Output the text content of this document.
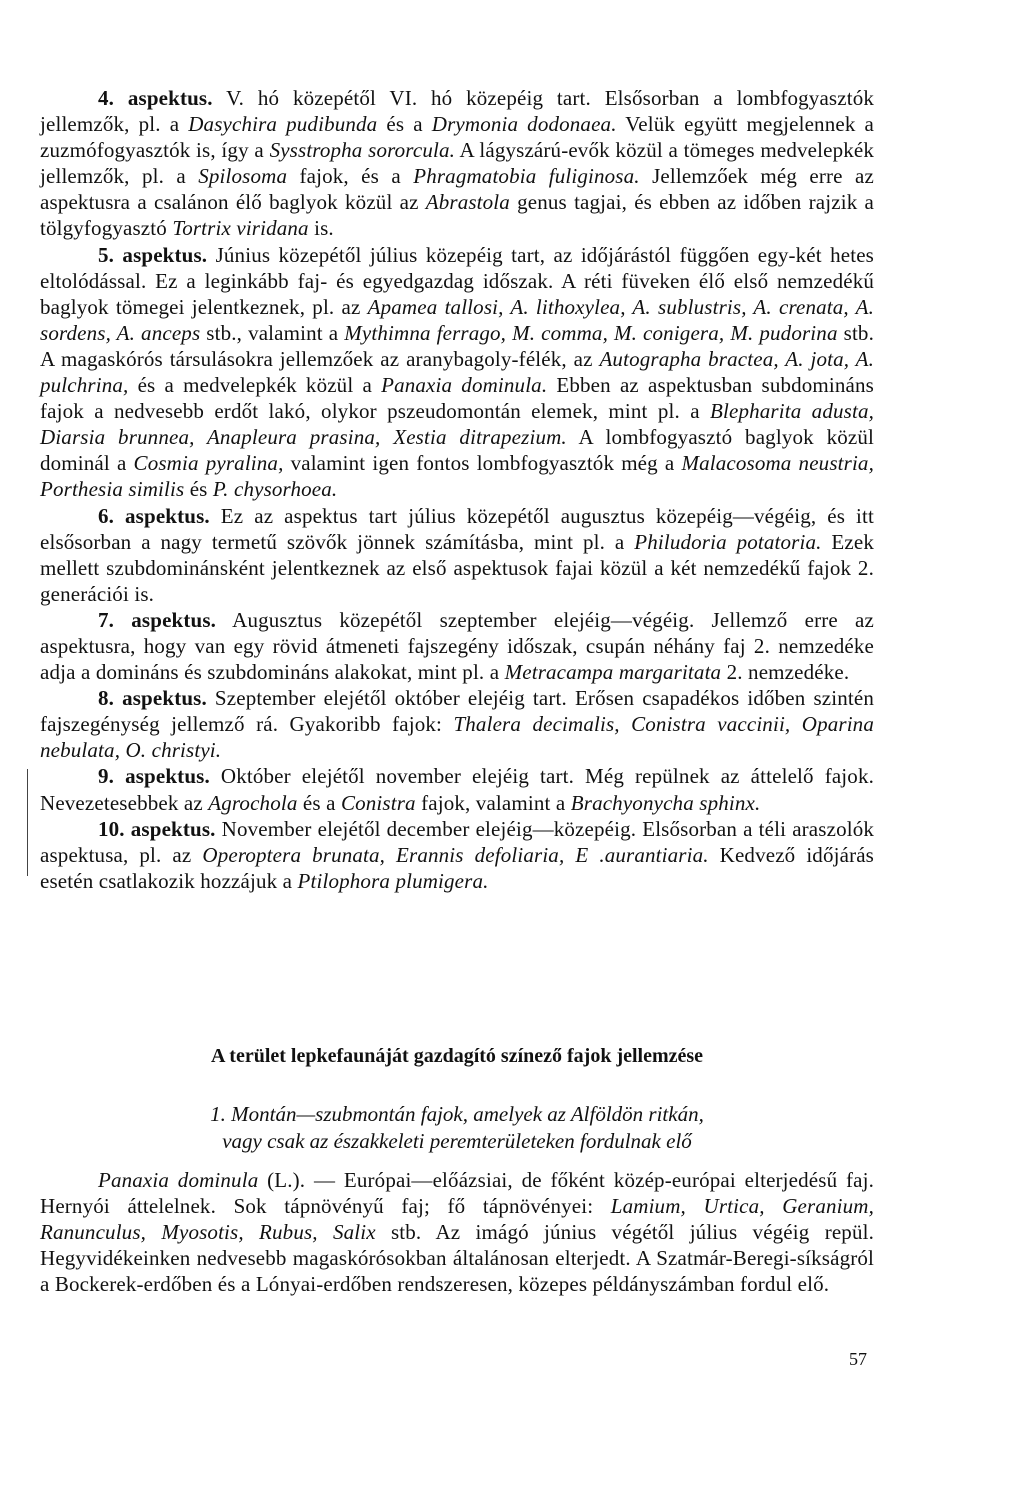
4. aspektus. V. hó közepétől VI. hó közepéig tart. Elsősorban a lombfogyasztók jellemzők, pl. a Dasychira pudibunda és a Drymonia dodonaea. Velük együtt megjelennek a zuzmófogyasztók is, így a Sysstropha sororcula. A lágyszárú-evők közül a tömeges medvelepkék jellemzők, pl. a Spilosoma fajok, és a Phragmatobia fuliginosa. Jellemzőek még erre az aspektusra a csalánon élő baglyok közül az Abrastola genus tagjai, és ebben az időben rajzik a tölgyfogyasztó Tortrix viridana is.

5. aspektus. Június közepétől július közepéig tart, az időjárástól függően egy-két hetes eltolódással. Ez a leginkább faj- és egyedgazdag időszak. A réti füveken élő első nemzedékű baglyok tömegei jelentkeznek, pl. az Apamea tallosi, A. lithoxylea, A. sublustris, A. crenata, A. sordens, A. anceps stb., valamint a Mythimna ferrago, M. comma, M. conigera, M. pudorina stb. A magaskórós társulásokra jellemzőek az aranybagoly-félék, az Autographa bractea, A. jota, A. pulchrina, és a medvelepkék közül a Panaxia dominula. Ebben az aspektusban subdomináns fajok a nedvesebb erdőt lakó, olykor pszeudomontán elemek, mint pl. a Blepharita adusta, Diarsia brunnea, Anapleura prasina, Xestia ditrapezium. A lombfogyasztó baglyok közül dominál a Cosmia pyralina, valamint igen fontos lombfogyasztók még a Malacosoma neustria, Porthesia similis és P. chysorhoea.

6. aspektus. Ez az aspektus tart július közepétől augusztus közepéig—végéig, és itt elsősorban a nagy termetű szövők jönnek számításba, mint pl. a Philudoria potatoria. Ezek mellett szubdominánsként jelentkeznek az első aspektusok fajai közül a két nemzedékű fajok 2. generációi is.

7. aspektus. Augusztus közepétől szeptember elejéig—végéig. Jellemző erre az aspektusra, hogy van egy rövid átmeneti fajszegény időszak, csupán néhány faj 2. nemzedéke adja a domináns és szubdomináns alakokat, mint pl. a Metracampa margaritata 2. nemzedéke.

8. aspektus. Szeptember elejétől október elejéig tart. Erősen csapadékos időben szintén fajszegénység jellemző rá. Gyakoribb fajok: Thalera decimalis, Conistra vaccinii, Oparina nebulata, O. christyi.

9. aspektus. Október elejétől november elejéig tart. Még repülnek az áttelelő fajok. Nevezetesebbek az Agrochola és a Conistra fajok, valamint a Brachyonycha sphinx.

10. aspektus. November elejétől december elejéig—közepéig. Elsősorban a téli araszolók aspektusa, pl. az Operoptera brunata, Erannis defoliaria, E .aurantiaria. Kedvező időjárás esetén csatlakozik hozzájuk a Ptilophora plumigera.

A terület lepkefaunáját gazdagító színező fajok jellemzése
1. Montán—szubmontán fajok, amelyek az Alföldön ritkán,
vagy csak az északkeleti peremterületeken fordulnak elő

Panaxia dominula (L.). — Európai—előázsiai, de főként közép-európai elterjedésű faj. Hernyói áttelelnek. Sok tápnövényű faj; fő tápnövényei: Lamium, Urtica, Geranium, Ranunculus, Myosotis, Rubus, Salix stb. Az imágó június végétől július végéig repül. Hegyvidékeinken nedvesebb magaskórósokban általánosan elterjedt. A Szatmár-Beregi-síkságról a Bockerek-erdőben és a Lónyai-erdőben rendszeresen, közepes példányszámban fordul elő.

57
